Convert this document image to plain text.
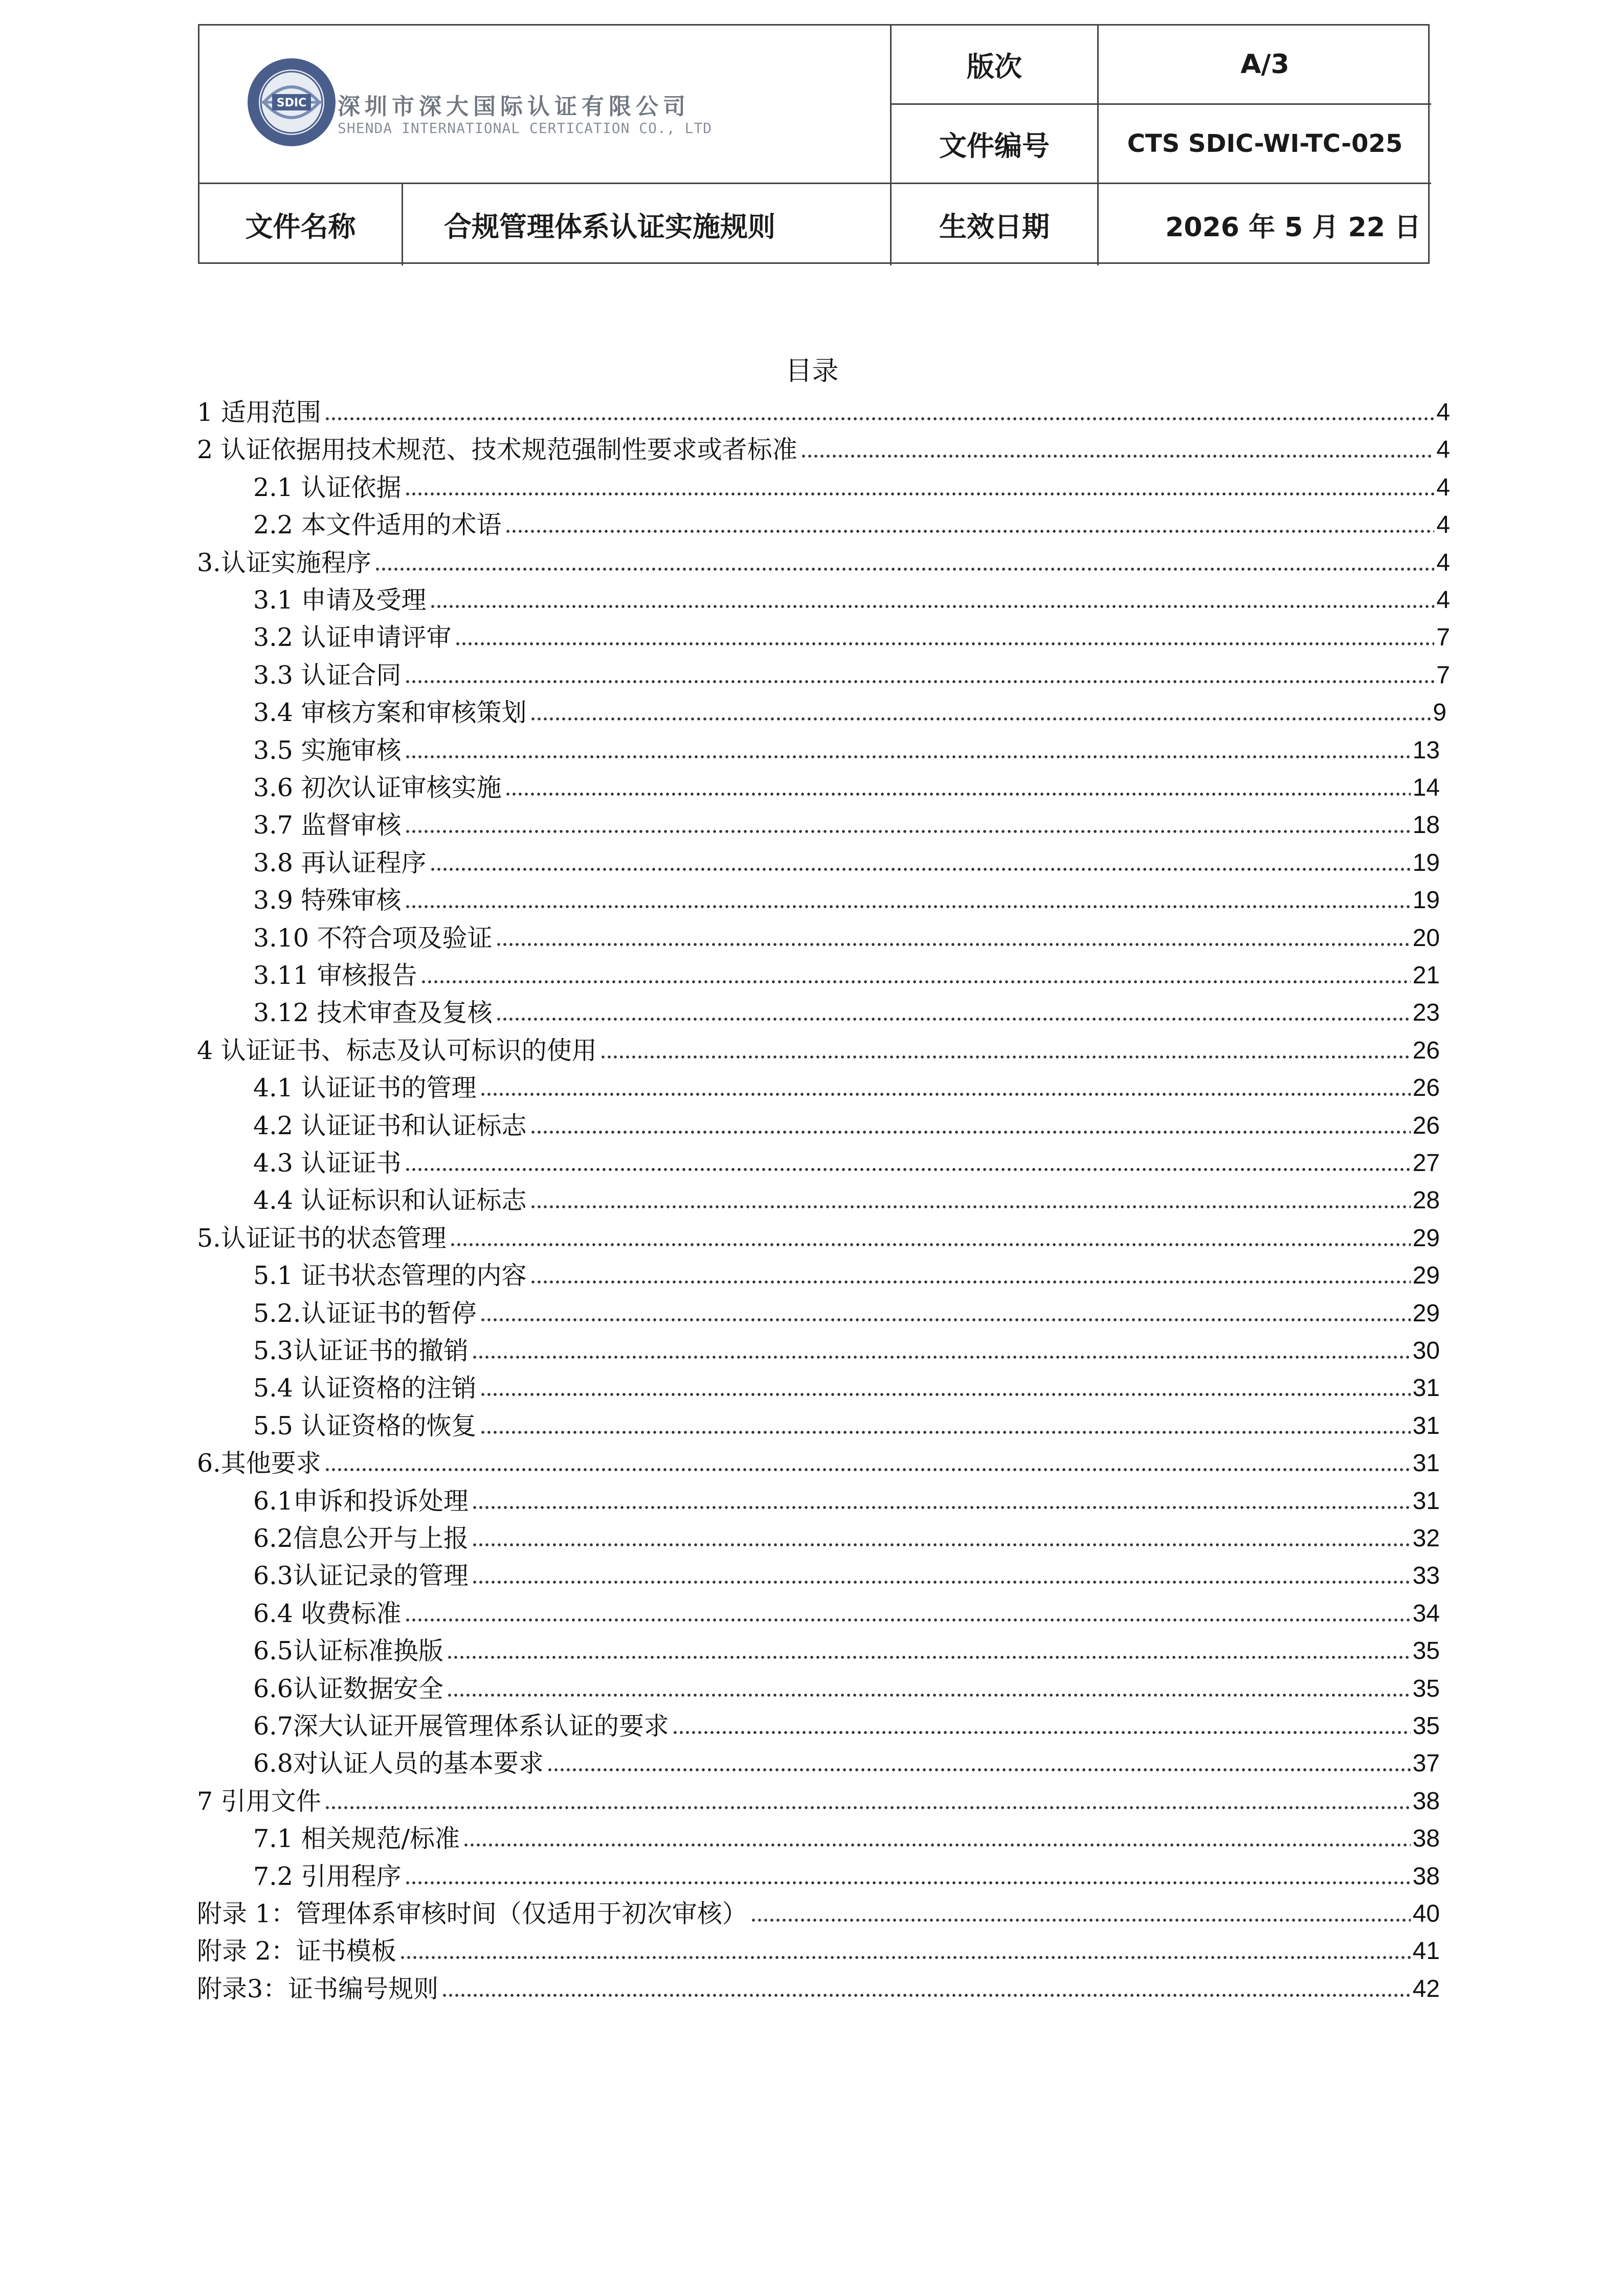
SDIC 深圳市深大国际认证有限公司
SHENDA INTERNATIONAL CERTICATION CO., LTD
版次	A/3
文件编号	CTS SDIC-WI-TC-025
文件名称	合规管理体系认证实施规则	生效日期	2026 年 5 月 22 日
目录
1 适用范围	4
2 认证依据用技术规范、技术规范强制性要求或者标准	4
2.1 认证依据	4
2.2 本文件适用的术语	4
3.认证实施程序	4
3.1 申请及受理	4
3.2 认证申请评审	7
3.3 认证合同	7
3.4 审核方案和审核策划	9
3.5 实施审核	13
3.6 初次认证审核实施	14
3.7 监督审核	18
3.8 再认证程序	19
3.9 特殊审核	19
3.10 不符合项及验证	20
3.11 审核报告	21
3.12 技术审查及复核	23
4 认证证书、标志及认可标识的使用	26
4.1 认证证书的管理	26
4.2 认证证书和认证标志	26
4.3 认证证书	27
4.4 认证标识和认证标志	28
5.认证证书的状态管理	29
5.1 证书状态管理的内容	29
5.2.认证证书的暂停	29
5.3认证证书的撤销	30
5.4 认证资格的注销	31
5.5 认证资格的恢复	31
6.其他要求	31
6.1申诉和投诉处理	31
6.2信息公开与上报	32
6.3认证记录的管理	33
6.4 收费标准	34
6.5认证标准换版	35
6.6认证数据安全	35
6.7深大认证开展管理体系认证的要求	35
6.8对认证人员的基本要求	37
7 引用文件	38
7.1 相关规范/标准	38
7.2 引用程序	38
附录 1：管理体系审核时间（仅适用于初次审核）	40
附录 2：证书模板	41
附录3：证书编号规则	42
